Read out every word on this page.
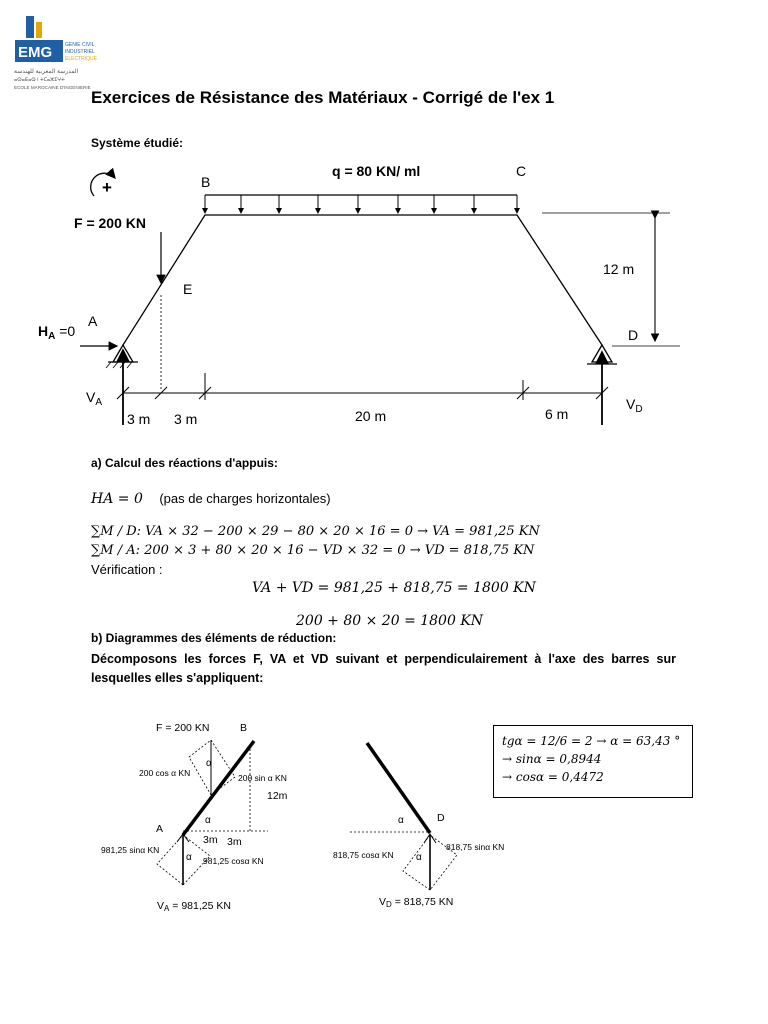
EMG	GENIE CIVIL
INDUSTRIEL
ELECTRIQUE
المدرسة المغربية للهندسة
ⴰⵙⴰⴹⴰⵕ ⵏ ⵜⵎⴰⵣⵉⵖⵜ
ECOLE MAROCAINE D'INGENIERIE
Exercices de Résistance des Matériaux - Corrigé de l'ex 1
Système étudié:
+
q = 80 KN/ ml
B
C
E
A
D
F = 200 KN
$H_A =0$
$V_A$	$V_D$
12 m
3 m 3 m	20 m	6 m
a) Calcul des réactions d'appuis:
HA = 0 (pas de charges horizontales)
∑M / D: VA × 32 − 200 × 29 − 80 × 20 × 16 = 0 → VA = 981,25 KN
∑M / A: 200 × 3 + 80 × 20 × 16 − VD × 32 = 0 → VD = 818,75 KN
Vérification :
VA + VD = 981,25 + 818,75 = 1800 KN
200 + 80 × 20 = 1800 KN
b) Diagrammes des éléments de réduction:
Décomposons les forces F, VA et VD suivant et perpendiculairement à l'axe des barres sur lesquelles elles s'appliquent:
tgα = 12/6 = 2 → α = 63,43 °
→ sinα = 0,8944
→ cosα = 0,4472
F = 200 KN	B
α
200 cos α KN	200 sin α KN
12m
A
α
3m 3m
α
981,25 sinα KN
981,25 cosα KN
VA = 981,25 KN
α	D
α
818,75 cosα KN
818,75 sinα KN
VD = 818,75 KN
